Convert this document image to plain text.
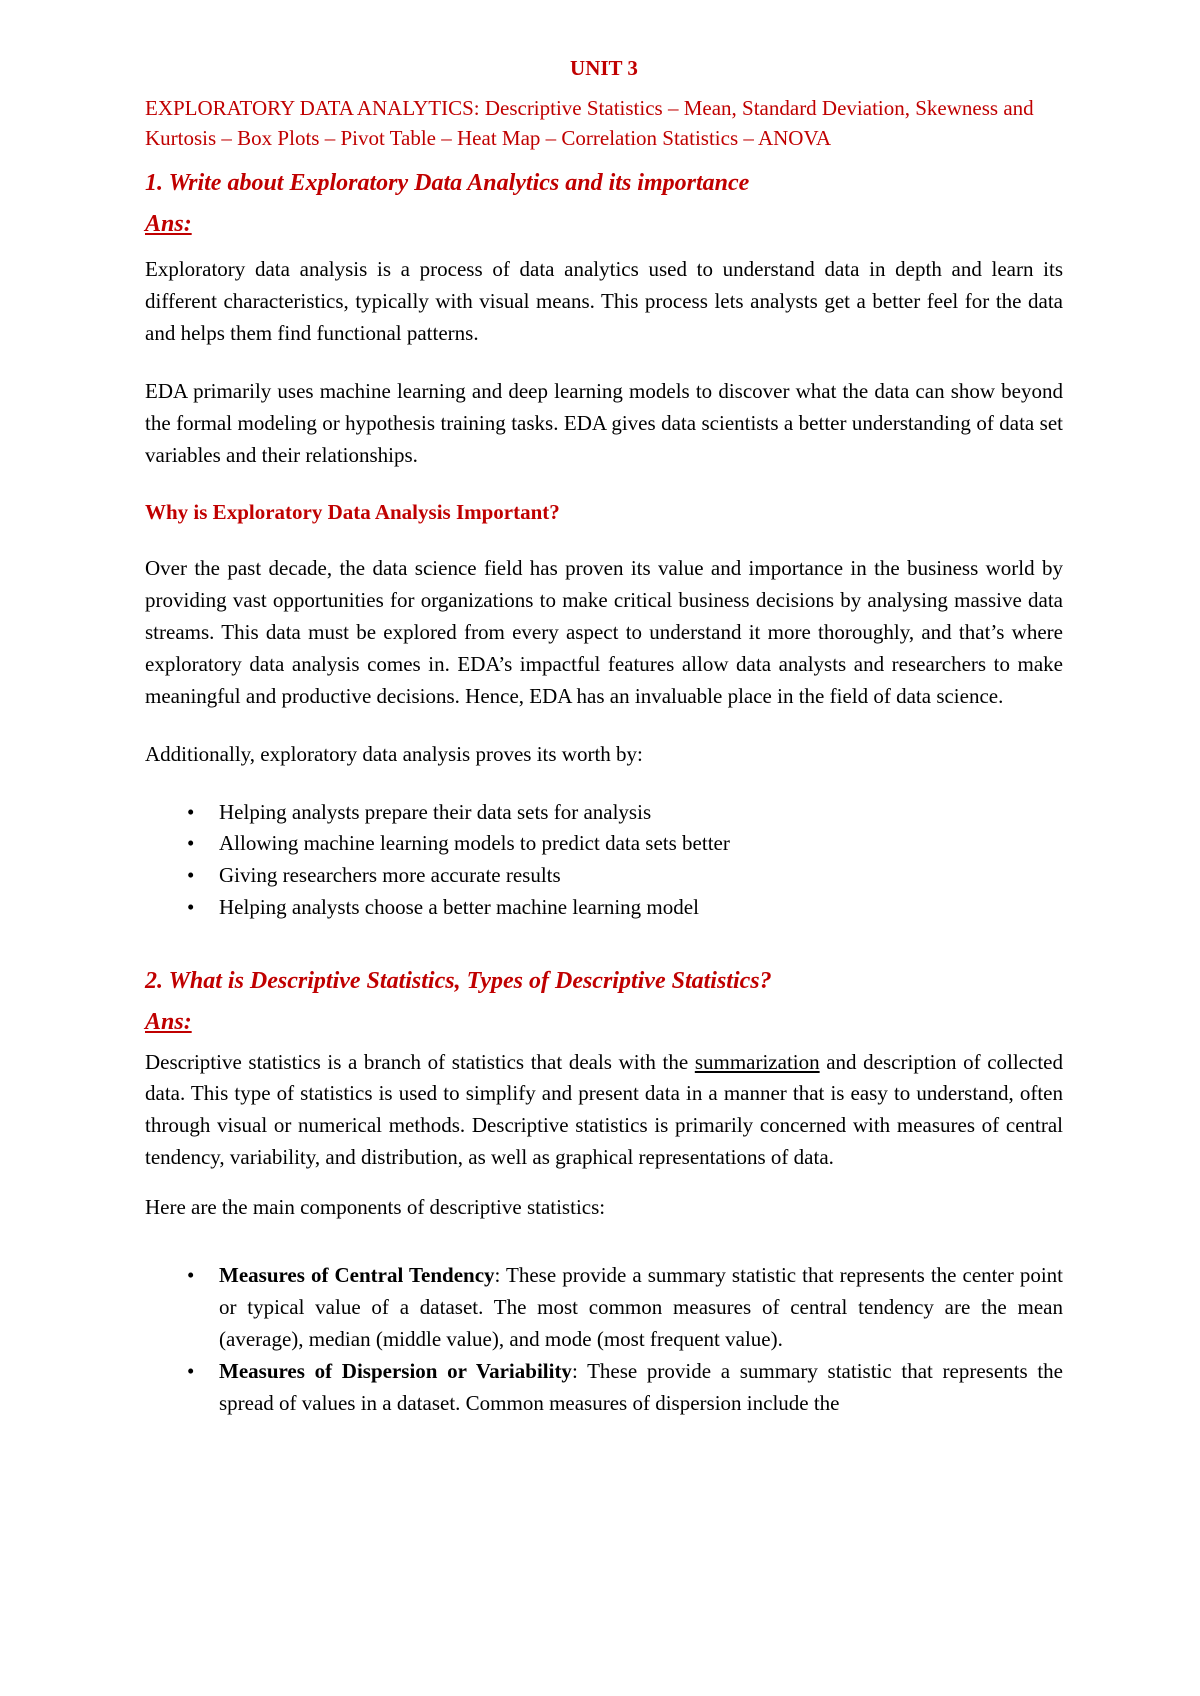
UNIT 3
EXPLORATORY DATA ANALYTICS: Descriptive Statistics – Mean, Standard Deviation, Skewness and Kurtosis – Box Plots – Pivot Table – Heat Map – Correlation Statistics – ANOVA
1. Write about Exploratory Data Analytics and its importance
Ans:

Exploratory data analysis is a process of data analytics used to understand data in depth and learn its different characteristics, typically with visual means. This process lets analysts get a better feel for the data and helps them find functional patterns.

EDA primarily uses machine learning and deep learning models to discover what the data can show beyond the formal modeling or hypothesis training tasks. EDA gives data scientists a better understanding of data set variables and their relationships.

Why is Exploratory Data Analysis Important?

Over the past decade, the data science field has proven its value and importance in the business world by providing vast opportunities for organizations to make critical business decisions by analysing massive data streams. This data must be explored from every aspect to understand it more thoroughly, and that’s where exploratory data analysis comes in. EDA’s impactful features allow data analysts and researchers to make meaningful and productive decisions. Hence, EDA has an invaluable place in the field of data science.

Additionally, exploratory data analysis proves its worth by:

• Helping analysts prepare their data sets for analysis
• Allowing machine learning models to predict data sets better
• Giving researchers more accurate results
• Helping analysts choose a better machine learning model
2. What is Descriptive Statistics, Types of Descriptive Statistics?
Ans:

Descriptive statistics is a branch of statistics that deals with the summarization and description of collected data. This type of statistics is used to simplify and present data in a manner that is easy to understand, often through visual or numerical methods. Descriptive statistics is primarily concerned with measures of central tendency, variability, and distribution, as well as graphical representations of data.

Here are the main components of descriptive statistics:

• Measures of Central Tendency: These provide a summary statistic that represents the center point or typical value of a dataset. The most common measures of central tendency are the mean (average), median (middle value), and mode (most frequent value).
• Measures of Dispersion or Variability: These provide a summary statistic that represents the spread of values in a dataset. Common measures of dispersion include the
